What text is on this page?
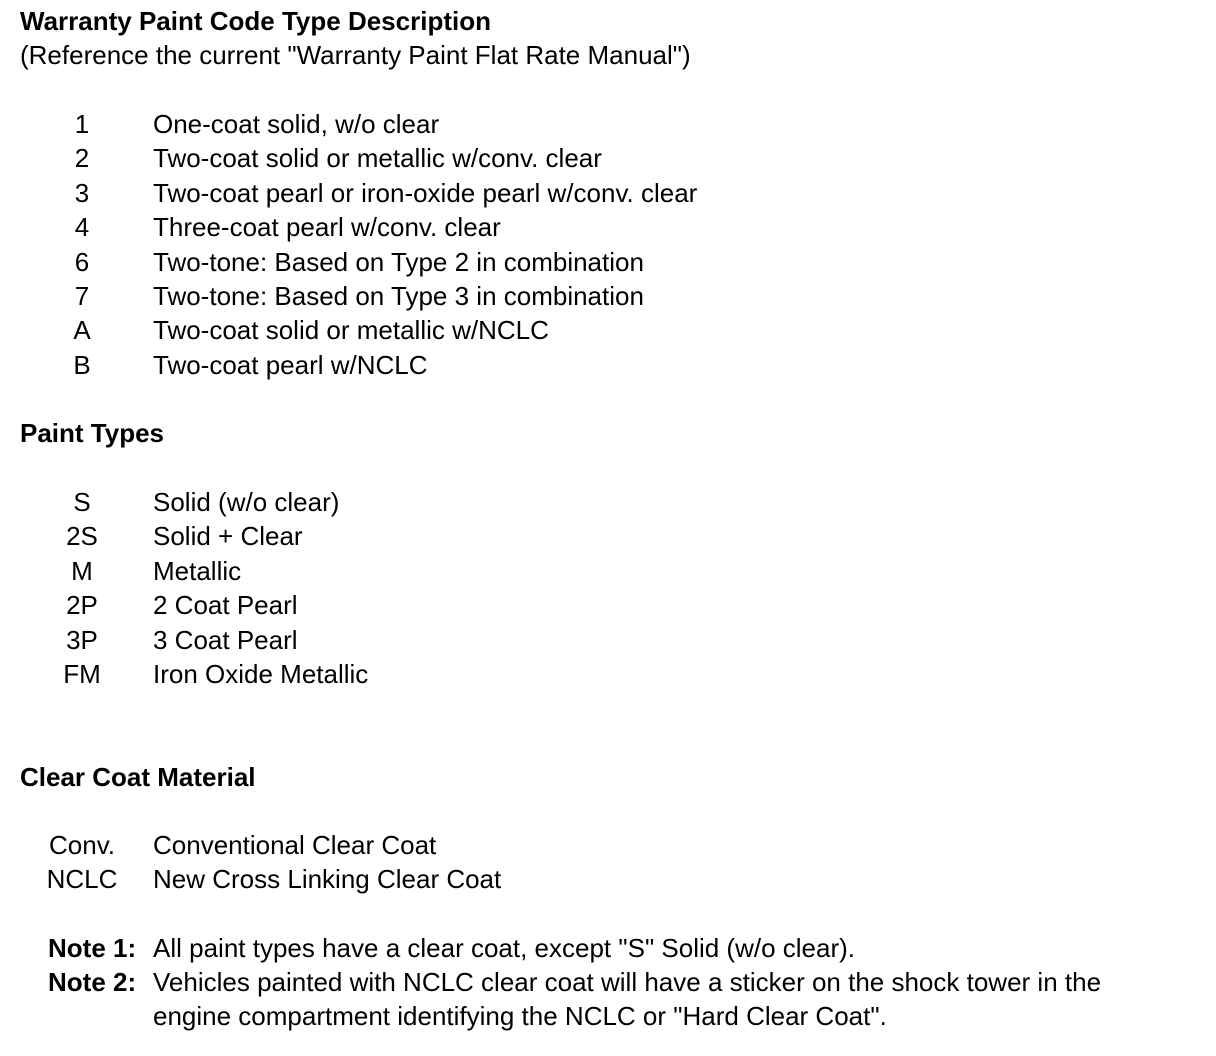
Warranty Paint Code Type Description
(Reference the current "Warranty Paint Flat Rate Manual")
1	One-coat solid, w/o clear
2	Two-coat solid or metallic w/conv. clear
3	Two-coat pearl or iron-oxide pearl w/conv. clear
4	Three-coat pearl w/conv. clear
6	Two-tone: Based on Type 2 in combination
7	Two-tone: Based on Type 3 in combination
A	Two-coat solid or metallic w/NCLC
B	Two-coat pearl w/NCLC
Paint Types
S	Solid (w/o clear)
2S	Solid + Clear
M	Metallic
2P	2 Coat Pearl
3P	3 Coat Pearl
FM	Iron Oxide Metallic
Clear Coat Material
Conv. Conventional Clear Coat
NCLC New Cross Linking Clear Coat
Note 1: All paint types have a clear coat, except "S" Solid (w/o clear).
Note 2: Vehicles painted with NCLC clear coat will have a sticker on the shock tower in the engine compartment identifying the NCLC or "Hard Clear Coat".
